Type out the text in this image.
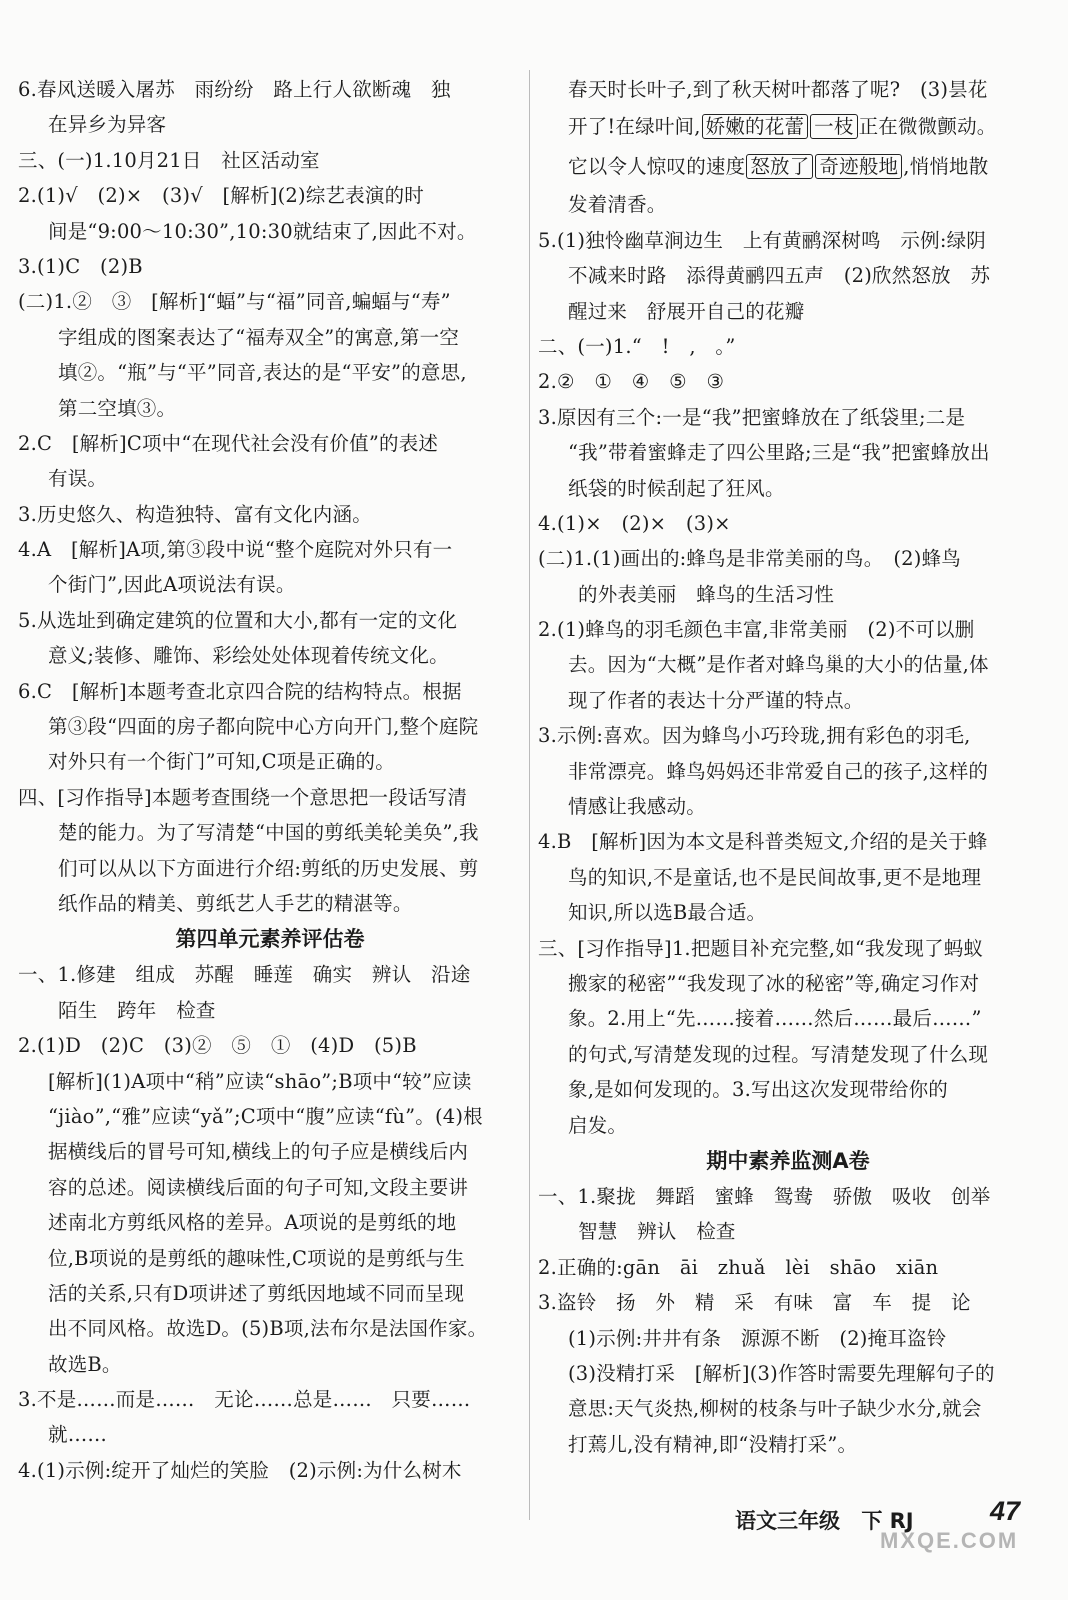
6.春风送暖入屠苏　雨纷纷　路上行人欲断魂　独
在异乡为异客
三、(一)1.10月21日　社区活动室
2.(1)√　(2)×　(3)√　[解析](2)综艺表演的时
间是“9:00～10:30”,10:30就结束了,因此不对。
3.(1)C　(2)B
(二)1.②　③　[解析]“蝠”与“福”同音,蝙蝠与“寿”
字组成的图案表达了“福寿双全”的寓意,第一空
填②。“瓶”与“平”同音,表达的是“平安”的意思,
第二空填③。
2.C　[解析]C项中“在现代社会没有价值”的表述
有误。
3.历史悠久、构造独特、富有文化内涵。
4.A　[解析]A项,第③段中说“整个庭院对外只有一
个街门”,因此A项说法有误。
5.从选址到确定建筑的位置和大小,都有一定的文化
意义;装修、雕饰、彩绘处处体现着传统文化。
6.C　[解析]本题考查北京四合院的结构特点。根据
第③段“四面的房子都向院中心方向开门,整个庭院
对外只有一个街门”可知,C项是正确的。
四、[习作指导]本题考查围绕一个意思把一段话写清
楚的能力。为了写清楚“中国的剪纸美轮美奂”,我
们可以从以下方面进行介绍:剪纸的历史发展、剪
纸作品的精美、剪纸艺人手艺的精湛等。
第四单元素养评估卷
一、1.修建　组成　苏醒　睡莲　确实　辨认　沿途
陌生　跨年　检查
2.(1)D　(2)C　(3)②　⑤　①　(4)D　(5)B
[解析](1)A项中“稍”应读“shāo”;B项中“较”应读
“jiào”,“雅”应读“yǎ”;C项中“腹”应读“fù”。(4)根
据横线后的冒号可知,横线上的句子应是横线后内
容的总述。阅读横线后面的句子可知,文段主要讲
述南北方剪纸风格的差异。A项说的是剪纸的地
位,B项说的是剪纸的趣味性,C项说的是剪纸与生
活的关系,只有D项讲述了剪纸因地域不同而呈现
出不同风格。故选D。(5)B项,法布尔是法国作家。
故选B。
3.不是……而是……　无论……总是……　只要……
就……
4.(1)示例:绽开了灿烂的笑脸　(2)示例:为什么树木
春天时长叶子,到了秋天树叶都落了呢?　(3)昙花
开了!在绿叶间, 娇嫩的花蕾 一枝 正在微微颤动。
它以令人惊叹的速度 怒放了 奇迹般地 ,悄悄地散
发着清香。
5.(1)独怜幽草涧边生　上有黄鹂深树鸣　示例:绿阴
不减来时路　添得黄鹂四五声　(2)欣然怒放　苏
醒过来　舒展开自己的花瓣
二、(一)1.“　!　,　。”
2.②　①　④　⑤　③
3.原因有三个:一是“我”把蜜蜂放在了纸袋里;二是
“我”带着蜜蜂走了四公里路;三是“我”把蜜蜂放出
纸袋的时候刮起了狂风。
4.(1)×　(2)×　(3)×
(二)1.(1)画出的:蜂鸟是非常美丽的鸟。　(2)蜂鸟
的外表美丽　蜂鸟的生活习性
2.(1)蜂鸟的羽毛颜色丰富,非常美丽　(2)不可以删
去。因为“大概”是作者对蜂鸟巢的大小的估量,体
现了作者的表达十分严谨的特点。
3.示例:喜欢。因为蜂鸟小巧玲珑,拥有彩色的羽毛,
非常漂亮。蜂鸟妈妈还非常爱自己的孩子,这样的
情感让我感动。
4.B　[解析]因为本文是科普类短文,介绍的是关于蜂
鸟的知识,不是童话,也不是民间故事,更不是地理
知识,所以选B最合适。
三、[习作指导]1.把题目补充完整,如“我发现了蚂蚁
搬家的秘密”“我发现了冰的秘密”等,确定习作对
象。2.用上“先……接着……然后……最后……”
的句式,写清楚发现的过程。写清楚发现了什么现
象,是如何发现的。3.写出这次发现带给你的
启发。
期中素养监测A卷
一、1.聚拢　舞蹈　蜜蜂　鸳鸯　骄傲　吸收　创举
智慧　辨认　检查
2.正确的:gān　āi　zhuǎ　lèi　shāo　xiān
3.盗铃　扬　外　精　采　有味　富　车　提　论
(1)示例:井井有条　源源不断　(2)掩耳盗铃
(3)没精打采　[解析](3)作答时需要先理解句子的
意思:天气炎热,柳树的枝条与叶子缺少水分,就会
打蔫儿,没有精神,即“没精打采”。
语文三年级 下 RJ	47
MXQE.COM
